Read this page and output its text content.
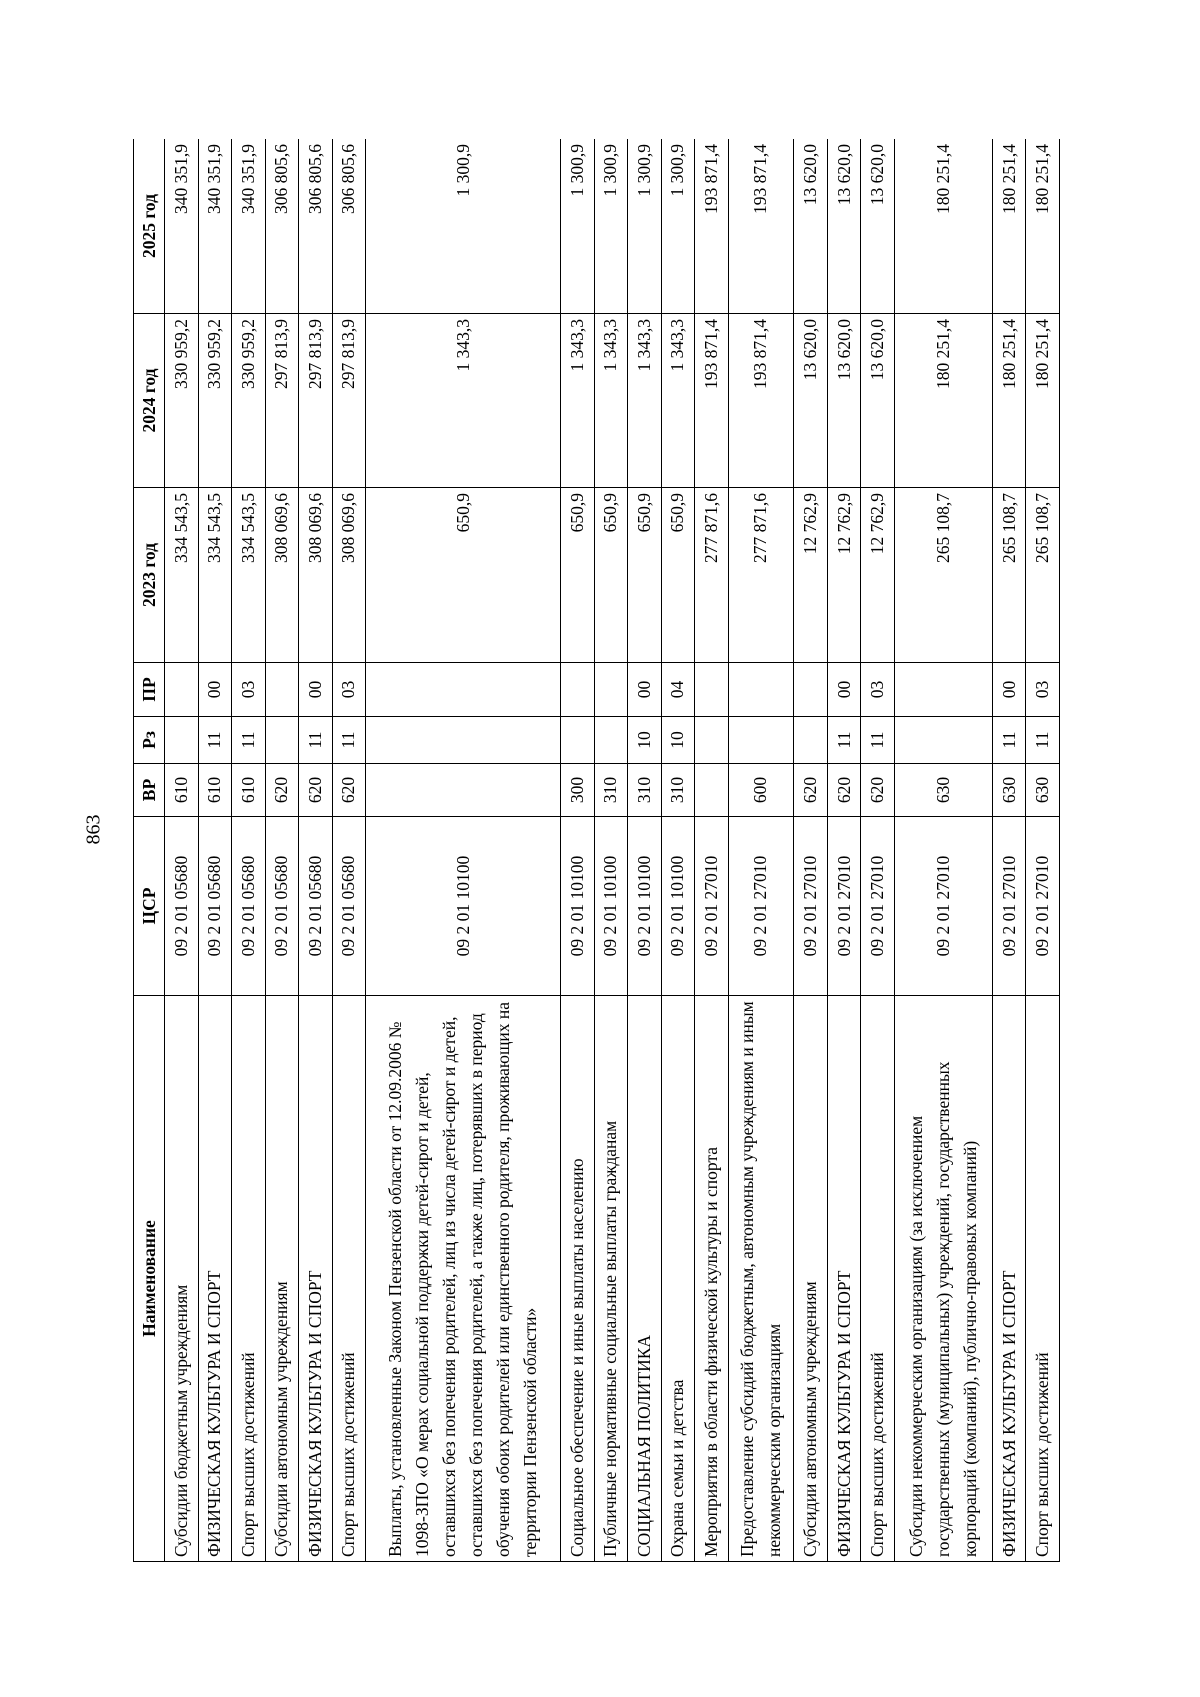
863
Наименование	ЦСР	ВР	Рз	ПР	2023 год	2024 год	2025 год
Субсидии бюджетным учреждениям	09 2 01 05680	610			334 543,5	330 959,2	340 351,9
ФИЗИЧЕСКАЯ КУЛЬТУРА И СПОРТ	09 2 01 05680	610	11	00	334 543,5	330 959,2	340 351,9
Спорт высших достижений	09 2 01 05680	610	11	03	334 543,5	330 959,2	340 351,9
Субсидии автономным учреждениям	09 2 01 05680	620			308 069,6	297 813,9	306 805,6
ФИЗИЧЕСКАЯ КУЛЬТУРА И СПОРТ	09 2 01 05680	620	11	00	308 069,6	297 813,9	306 805,6
Спорт высших достижений	09 2 01 05680	620	11	03	308 069,6	297 813,9	306 805,6
Выплаты, установленные Законом Пензенской области от 12.09.2006 № 1098-ЗПО «О мерах социальной поддержки детей-сирот и детей, оставшихся без попечения родителей, лиц из числа детей-сирот и детей, оставшихся без попечения родителей, а также лиц, потерявших в период обучения обоих родителей или единственного родителя, проживающих на территории Пензенской области»	09 2 01 10100				650,9	1 343,3	1 300,9
Социальное обеспечение и иные выплаты населению	09 2 01 10100	300			650,9	1 343,3	1 300,9
Публичные нормативные социальные выплаты гражданам	09 2 01 10100	310			650,9	1 343,3	1 300,9
СОЦИАЛЬНАЯ ПОЛИТИКА	09 2 01 10100	310	10	00	650,9	1 343,3	1 300,9
Охрана семьи и детства	09 2 01 10100	310	10	04	650,9	1 343,3	1 300,9
Мероприятия в области физической культуры и спорта	09 2 01 27010				277 871,6	193 871,4	193 871,4
Предоставление субсидий бюджетным, автономным учреждениям и иным некоммерческим организациям	09 2 01 27010	600			277 871,6	193 871,4	193 871,4
Субсидии автономным учреждениям	09 2 01 27010	620			12 762,9	13 620,0	13 620,0
ФИЗИЧЕСКАЯ КУЛЬТУРА И СПОРТ	09 2 01 27010	620	11	00	12 762,9	13 620,0	13 620,0
Спорт высших достижений	09 2 01 27010	620	11	03	12 762,9	13 620,0	13 620,0
Субсидии некоммерческим организациям (за исключением государственных (муниципальных) учреждений, государственных корпораций (компаний), публично-правовых компаний)	09 2 01 27010	630			265 108,7	180 251,4	180 251,4
ФИЗИЧЕСКАЯ КУЛЬТУРА И СПОРТ	09 2 01 27010	630	11	00	265 108,7	180 251,4	180 251,4
Спорт высших достижений	09 2 01 27010	630	11	03	265 108,7	180 251,4	180 251,4
